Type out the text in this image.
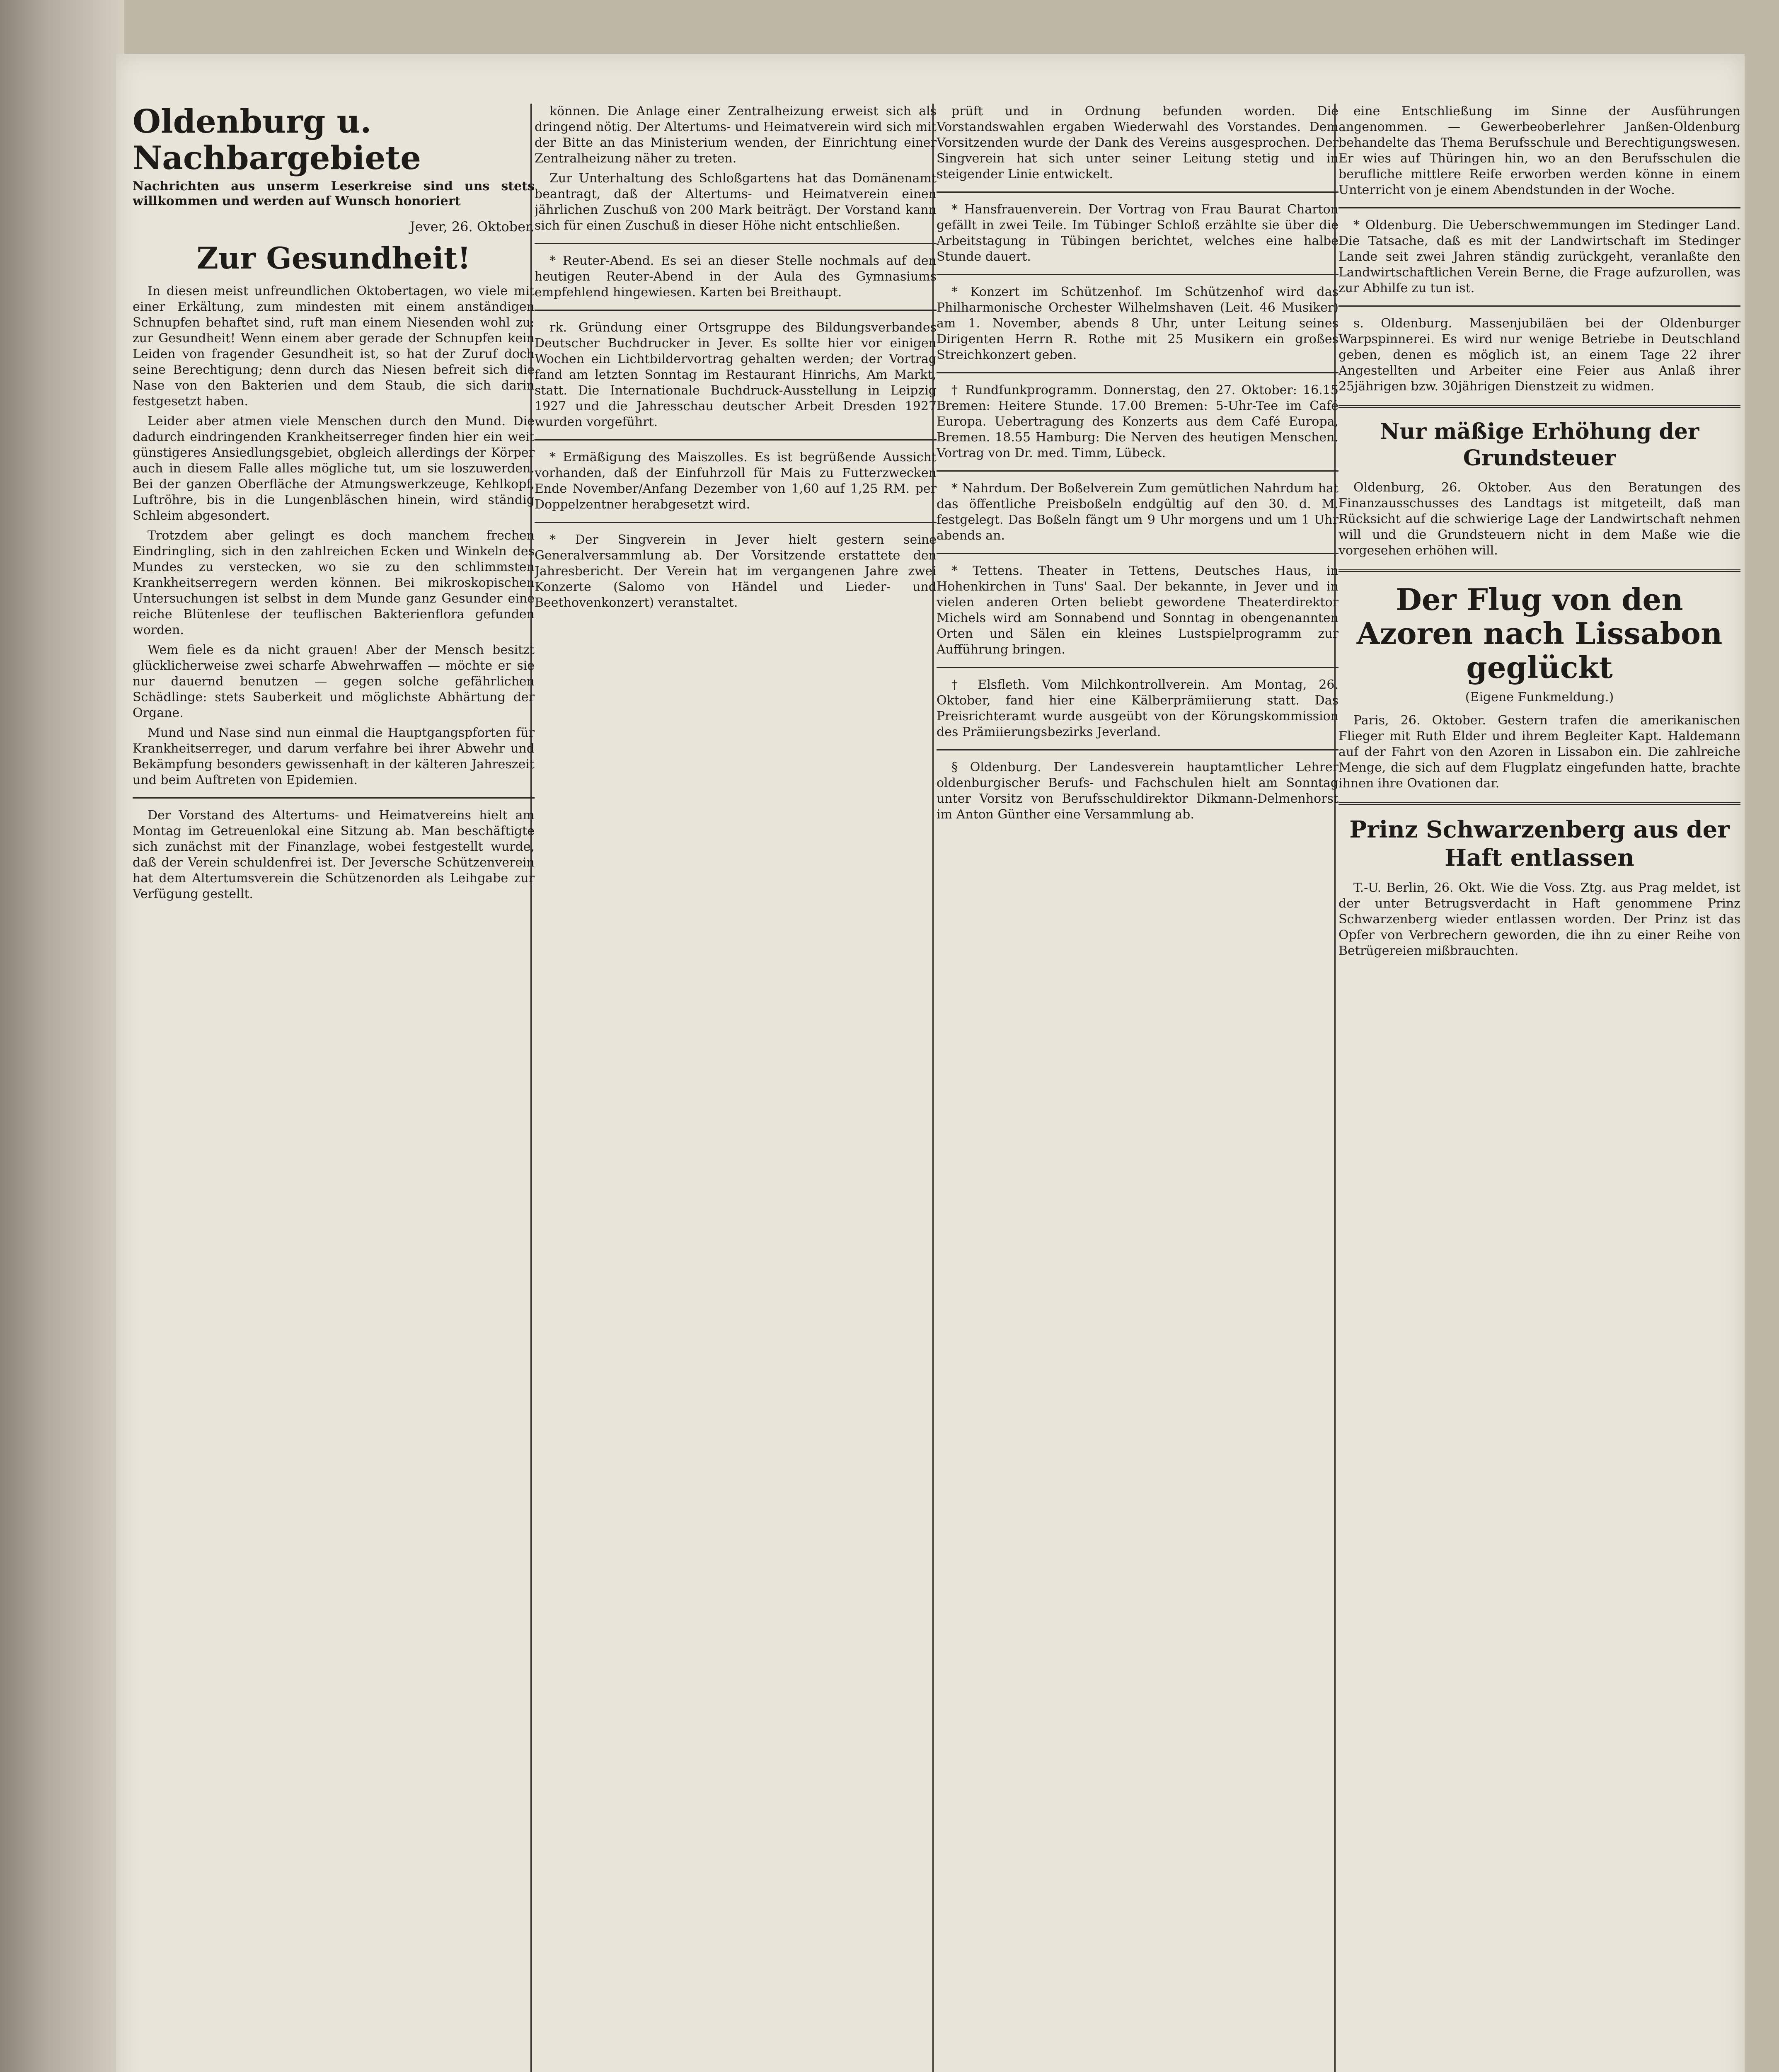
Oldenburg u. Nachbargebiete
Nachrichten aus unserm Leserkreise sind uns stets willkommen und werden auf Wunsch honoriert
Jever, 26. Oktober.
Zur Gesundheit!

In diesen meist unfreundlichen Oktobertagen, wo viele mit einer Erkältung, zum mindesten mit einem anständigen Schnupfen behaftet sind, ruft man einem Niesenden wohl zu: zur Gesundheit! Wenn einem aber gerade der Schnupfen kein Leiden von fragender Gesundheit ist, so hat der Zuruf doch seine Berechtigung; denn durch das Niesen befreit sich die Nase von den Bakterien und dem Staub, die sich darin festgesetzt haben.

Leider aber atmen viele Menschen durch den Mund. Die dadurch eindringenden Krankheitserreger finden hier ein weit günstigeres Ansiedlungsgebiet, obgleich allerdings der Körper auch in diesem Falle alles mögliche tut, um sie loszuwerden. Bei der ganzen Oberfläche der Atmungswerkzeuge, Kehlkopf, Luftröhre, bis in die Lungenbläschen hinein, wird ständig Schleim abgesondert.

Trotzdem aber gelingt es doch manchem frechen Eindringling, sich in den zahlreichen Ecken und Winkeln des Mundes zu verstecken, wo sie zu den schlimmsten Krankheitserregern werden können. Bei mikroskopischen Untersuchungen ist selbst in dem Munde ganz Gesunder eine reiche Blütenlese der teuflischen Bakterienflora gefunden worden.

Wem fiele es da nicht grauen! Aber der Mensch besitzt glücklicherweise zwei scharfe Abwehrwaffen — möchte er sie nur dauernd benutzen — gegen solche gefährlichen Schädlinge: stets Sauberkeit und möglichste Abhärtung der Organe.

Mund und Nase sind nun einmal die Hauptgangspforten für Krankheitserreger, und darum verfahre bei ihrer Abwehr und Bekämpfung besonders gewissenhaft in der kälteren Jahreszeit und beim Auftreten von Epidemien.

Der Vorstand des Altertums- und Heimatvereins hielt am Montag im Getreuenlokal eine Sitzung ab. Man beschäftigte sich zunächst mit der Finanzlage, wobei festgestellt wurde, daß der Verein schuldenfrei ist. Der Jeversche Schützenverein hat dem Altertumsverein die Schützenorden als Leihgabe zur Verfügung gestellt.

können. Die Anlage einer Zentralheizung erweist sich als dringend nötig. Der Altertums- und Heimatverein wird sich mit der Bitte an das Ministerium wenden, der Einrichtung einer Zentralheizung näher zu treten.

Zur Unterhaltung des Schloßgartens hat das Domänenamt beantragt, daß der Altertums- und Heimatverein einen jährlichen Zuschuß von 200 Mark beiträgt. Der Vorstand kann sich für einen Zuschuß in dieser Höhe nicht entschließen.

* Reuter-Abend. Es sei an dieser Stelle nochmals auf den heutigen Reuter-Abend in der Aula des Gymnasiums empfehlend hingewiesen. Karten bei Breithaupt.

rk. Gründung einer Ortsgruppe des Bildungsverbandes Deutscher Buchdrucker in Jever. Es sollte hier vor einigen Wochen ein Lichtbildervortrag gehalten werden; der Vortrag fand am letzten Sonntag im Restaurant Hinrichs, Am Markt, statt. Die Internationale Buchdruck-Ausstellung in Leipzig 1927 und die Jahresschau deutscher Arbeit Dresden 1927 wurden vorgeführt.

* Ermäßigung des Maiszolles. Es ist begrüßende Aussicht vorhanden, daß der Einfuhrzoll für Mais zu Futterzwecken Ende November/Anfang Dezember von 1,60 auf 1,25 RM. per Doppelzentner herabgesetzt wird.

* Der Singverein in Jever hielt gestern seine Generalversammlung ab. Der Vorsitzende erstattete den Jahresbericht. Der Verein hat im vergangenen Jahre zwei Konzerte (Salomo von Händel und Lieder- und Beethovenkonzert) veranstaltet.

prüft und in Ordnung befunden worden. Die Vorstandswahlen ergaben Wiederwahl des Vorstandes. Dem Vorsitzenden wurde der Dank des Vereins ausgesprochen. Der Singverein hat sich unter seiner Leitung stetig und in steigender Linie entwickelt.

* Hansfrauenverein. Der Vortrag von Frau Baurat Charton gefällt in zwei Teile. Im Tübinger Schloß erzählte sie über die Arbeitstagung in Tübingen berichtet, welches eine halbe Stunde dauert.

* Konzert im Schützenhof. Im Schützenhof wird das Philharmonische Orchester Wilhelmshaven (Leit. 46 Musiker) am 1. November, abends 8 Uhr, unter Leitung seines Dirigenten Herrn R. Rothe mit 25 Musikern ein großes Streichkonzert geben.

† Rundfunkprogramm. Donnerstag, den 27. Oktober: 16.15 Bremen: Heitere Stunde. 17.00 Bremen: 5-Uhr-Tee im Café Europa. Uebertragung des Konzerts aus dem Café Europa, Bremen. 18.55 Hamburg: Die Nerven des heutigen Menschen. Vortrag von Dr. med. Timm, Lübeck.

* Nahrdum. Der Boßelverein Zum gemütlichen Nahrdum hat das öffentliche Preisboßeln endgültig auf den 30. d. M. festgelegt. Das Boßeln fängt um 9 Uhr morgens und um 1 Uhr abends an.

* Tettens. Theater in Tettens, Deutsches Haus, in Hohenkirchen in Tuns' Saal. Der bekannte, in Jever und in vielen anderen Orten beliebt gewordene Theaterdirektor Michels wird am Sonnabend und Sonntag in obengenannten Orten und Sälen ein kleines Lustspielprogramm zur Aufführung bringen.

† Elsfleth. Vom Milchkontrollverein. Am Montag, 26. Oktober, fand hier eine Kälberprämiierung statt. Das Preisrichteramt wurde ausgeübt von der Körungskommission des Prämiierungsbezirks Jeverland.

§ Oldenburg. Der Landesverein hauptamtlicher Lehrer oldenburgischer Berufs- und Fachschulen hielt am Sonntag unter Vorsitz von Berufsschuldirektor Dikmann-Delmenhorst im Anton Günther eine Versammlung ab.

eine Entschließung im Sinne der Ausführungen angenommen. — Gewerbeoberlehrer Janßen-Oldenburg behandelte das Thema Berufsschule und Berechtigungswesen. Er wies auf Thüringen hin, wo an den Berufsschulen die berufliche mittlere Reife erworben werden könne in einem Unterricht von je einem Abendstunden in der Woche.

* Oldenburg. Die Ueberschwemmungen im Stedinger Land. Die Tatsache, daß es mit der Landwirtschaft im Stedinger Lande seit zwei Jahren ständig zurückgeht, veranlaßte den Landwirtschaftlichen Verein Berne, die Frage aufzurollen, was zur Abhilfe zu tun ist.

s. Oldenburg. Massenjubiläen bei der Oldenburger Warpspinnerei. Es wird nur wenige Betriebe in Deutschland geben, denen es möglich ist, an einem Tage 22 ihrer Angestellten und Arbeiter eine Feier aus Anlaß ihrer 25jährigen bzw. 30jährigen Dienstzeit zu widmen.

Nur mäßige Erhöhung der Grundsteuer

Oldenburg, 26. Oktober. Aus den Beratungen des Finanzausschusses des Landtags ist mitgeteilt, daß man Rücksicht auf die schwierige Lage der Landwirtschaft nehmen will und die Grundsteuern nicht in dem Maße wie die vorgesehen erhöhen will.

Der Flug von den Azoren nach Lissabon geglückt
(Eigene Funkmeldung.)

Paris, 26. Oktober. Gestern trafen die amerikanischen Flieger mit Ruth Elder und ihrem Begleiter Kapt. Haldemann auf der Fahrt von den Azoren in Lissabon ein. Die zahlreiche Menge, die sich auf dem Flugplatz eingefunden hatte, brachte ihnen ihre Ovationen dar.

Prinz Schwarzenberg aus der Haft entlassen

T.-U. Berlin, 26. Okt. Wie die Voss. Ztg. aus Prag meldet, ist der unter Betrugsverdacht in Haft genommene Prinz Schwarzenberg wieder entlassen worden. Der Prinz ist das Opfer von Verbrechern geworden, die ihn zu einer Reihe von Betrügereien mißbrauchten.
